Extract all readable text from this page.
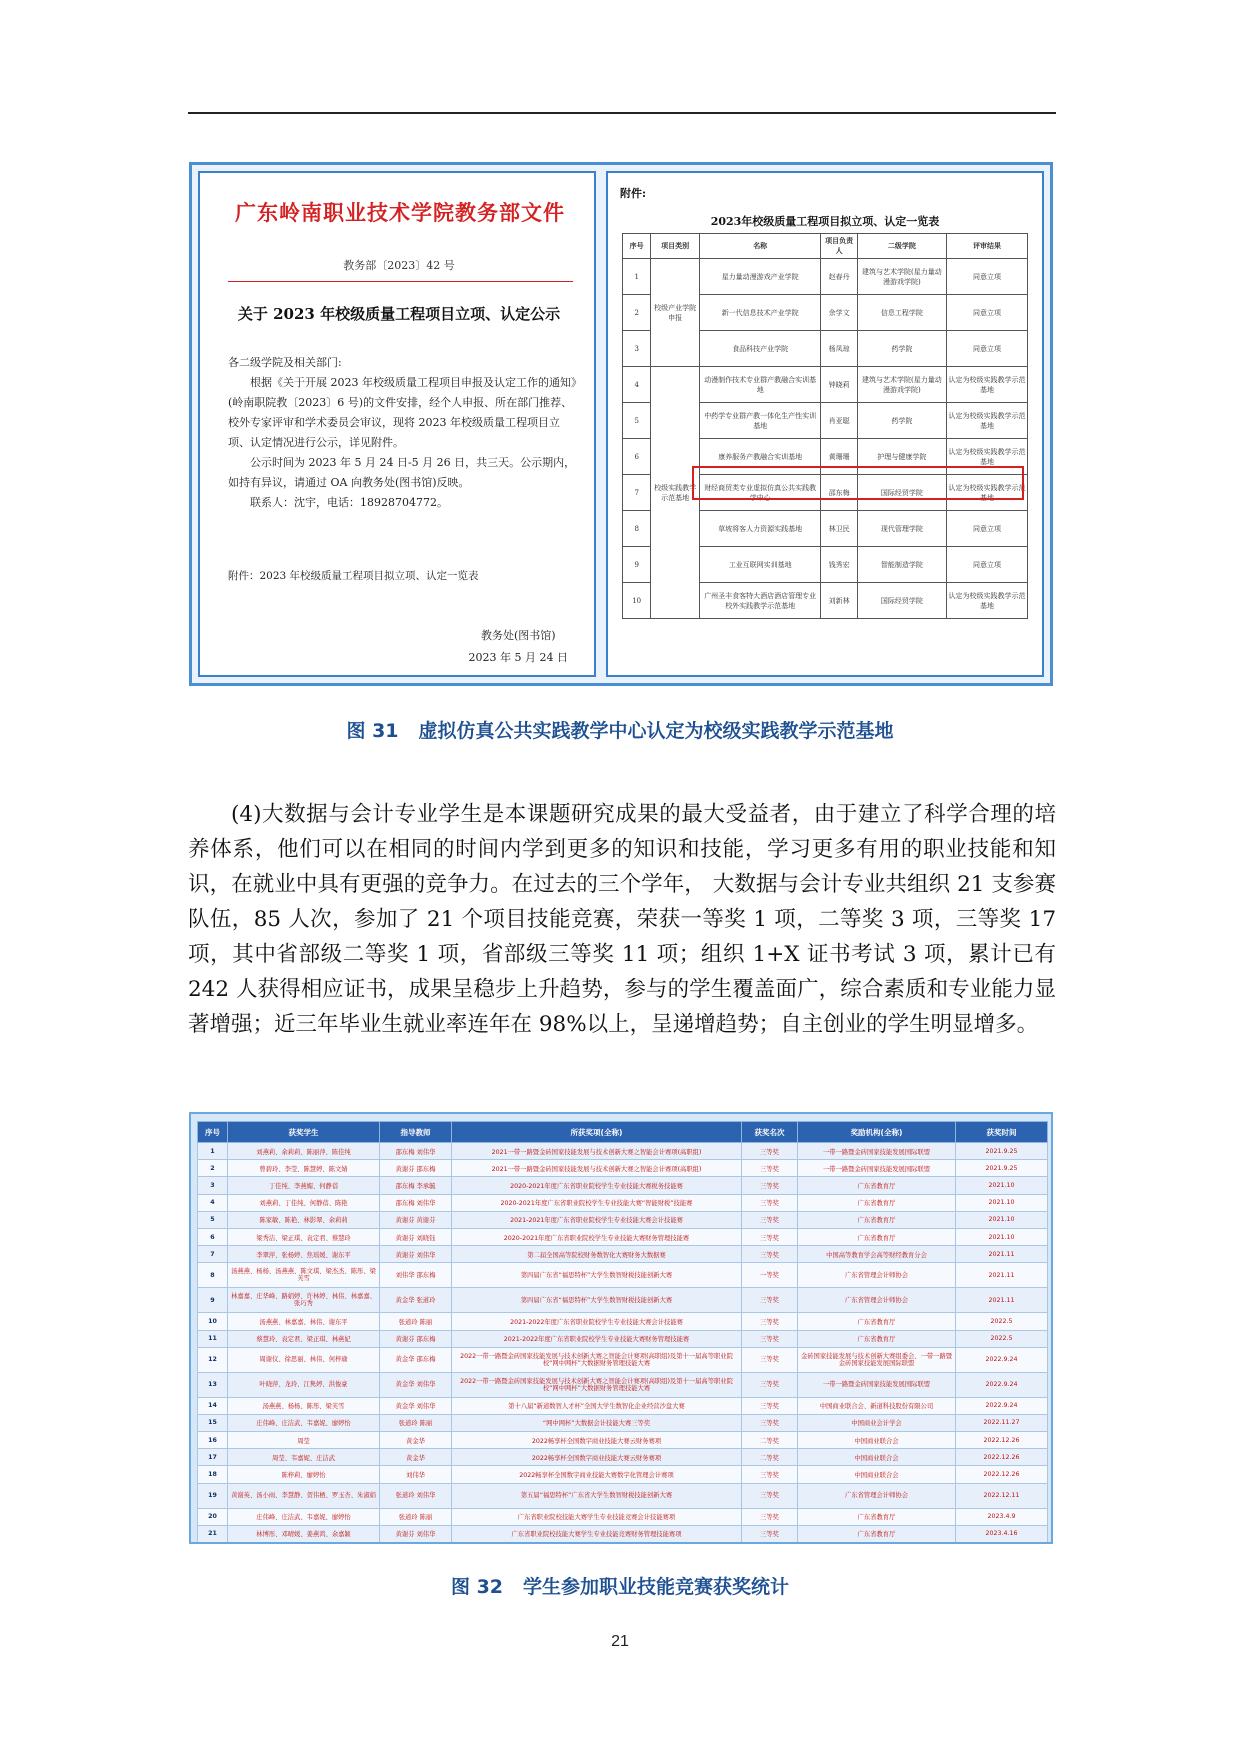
广东岭南职业技术学院教务部文件
教务部〔2023〕42 号
关于 2023 年校级质量工程项目立项、认定公示

各二级学院及相关部门:

根据《关于开展 2023 年校级质量工程项目申报及认定工作的通知》(岭南职院教〔2023〕6 号)的文件安排，经个人申报、所在部门推荐、校外专家评审和学术委员会审议，现将 2023 年校级质量工程项目立项、认定情况进行公示，详见附件。

公示时间为 2023 年 5 月 24 日-5 月 26 日，共三天。公示期内，如持有异议，请通过 OA 向教务处(图书馆)反映。

联系人：沈宇，电话：18928704772。

附件：2023 年校级质量工程项目拟立项、认定一览表
教务处(图书馆)
2023 年 5 月 24 日
附件:
2023年校级质量工程项目拟立项、认定一览表
序号	项目类别	名称	项目负责人	二级学院	评审结果
1	校级产业学院申报	星力量动漫游戏产业学院	赵春丹	建筑与艺术学院(星力量动漫游戏学院)	同意立项
2		新一代信息技术产业学院	余学文	信息工程学院	同意立项
3		食品科技产业学院	杨凤琼	药学院	同意立项
4	校级实践教学示范基地	动漫制作技术专业群产教融合实训基地	钟晓莉	建筑与艺术学院(星力量动漫游戏学院)	认定为校级实践教学示范基地
5		中药学专业群产教一体化生产性实训基地	肖亚聪	药学院	认定为校级实践教学示范基地
6		康养服务产教融合实训基地	黄珊珊	护理与健康学院	认定为校级实践教学示范基地
7		财经商贸类专业虚拟仿真公共实践教学中心	邵东梅	国际经贸学院	认定为校级实践教学示范基地
8		草坡将客人力资源实践基地	林卫民	现代管理学院	同意立项
9		工业互联网实训基地	钱秀宏	智能制造学院	同意立项
10		广州圣丰食客特大酒店酒店管理专业校外实践教学示范基地	刘新林	国际经贸学院	认定为校级实践教学示范基地
图 31 虚拟仿真公共实践教学中心认定为校级实践教学示范基地

(4)大数据与会计专业学生是本课题研究成果的最大受益者，由于建立了科学合理的培养体系，他们可以在相同的时间内学到更多的知识和技能，学习更多有用的职业技能和知识，在就业中具有更强的竞争力。在过去的三个学年， 大数据与会计专业共组织 21 支参赛队伍，85 人次，参加了 21 个项目技能竞赛，荣获一等奖 1 项，二等奖 3 项，三等奖 17 项，其中省部级二等奖 1 项，省部级三等奖 11 项；组织 1+X 证书考试 3 项，累计已有 242 人获得相应证书，成果呈稳步上升趋势，参与的学生覆盖面广，综合素质和专业能力显著增强；近三年毕业生就业率连年在 98%以上，呈递增趋势；自主创业的学生明显增多。

序号	获奖学生	指导教师	所获奖项(全称)	获奖名次	奖励机构(全称)	获奖时间
1	刘燕莉、余莉莉、陈丽萍、陈佳纯	邵东梅 刘伟华	2021一带一路暨金砖国家技能发展与技术创新大赛之智能会计赛项(高职组)	三等奖	一带一路暨金砖国家技能发展国际联盟	2021.9.25
2	曾碧玲、李莹、陈慧婷、陈文婧	黄谢芬 邵东梅	2021一带一路暨金砖国家技能发展与技术创新大赛之智能会计赛项(高职组)	三等奖	一带一路暨金砖国家技能发展国际联盟	2021.9.25
3	丁佳纯、李燕媚、何静蓓	邵东梅 李承毓	2020-2021年度广东省职业院校学生专业技能大赛税务技能赛	三等奖	广东省教育厅	2021.10
4	刘燕莉、丁佳纯、何静蓓、陈艳	邵东梅 刘伟华	2020-2021年度广东省职业院校学生专业技能大赛“智能财税”技能赛	三等奖	广东省教育厅	2021.10
5	陈家敏、陈艳、林影翠、余莉莉	黄谢芬 黄谢芬	2021-2021年度广东省职业院校学生专业技能大赛会计技能赛	三等奖	广东省教育厅	2021.10
6	梁秀洁、梁正琪、袁定君、蔡慧玲	黄谢芬 刘晓钰	2020-2021年度广东省职业院校学生专业技能大赛财务管理技能赛	三等奖	广东省教育厅	2021.10
7	李翠萍、张杨婷、焦瑶媛、谢东平	黄谢芬 刘伟华	第二届全国高等院校财务数智化大赛财务大数据赛	三等奖	中国高等教育学会高等财经教育分会	2021.11
8	汤燕燕、杨杨、汤燕燕、陈文琪、梁杰杰、陈彤、梁芙雪	刘伟华 邵东梅	第四届广东省“福思特杯”大学生数智财税技能创新大赛	一等奖	广东省管理会计师协会	2021.11
9	林嘉嘉、庄华峰、路娟婷、许林婷、林伟、林嘉嘉、张巧秀	黄金华 张道玲	第四届广东省“福思特杯”大学生数智财税技能创新大赛	三等奖	广东省管理会计师协会	2021.11
10	汤燕燕、林嘉嘉、林伟、谢东平	张道玲 陈丽	2021-2022年度广东省职业院校学生专业技能大赛会计技能赛	三等奖	广东省教育厅	2022.5
11	蔡慧玲、袁定君、梁正琪、林燕妃	黄谢芬 邵东梅	2021-2022年度广东省职业院校学生专业技能大赛财务管理技能赛	三等奖	广东省教育厅	2022.5
12	周谢仪、徐思丽、林伟、何梓瑜	黄金华 邵东梅	2022一带一路暨金砖国家技能发展与技术创新大赛之智能会计赛项(高职组)及第十一届高等职业院校“网中网杯”大数据财务管理技能大赛	三等奖	金砖国家技能发展与技术创新大赛组委会、一带一路暨金砖国家技能发展国际联盟	2022.9.24
13	叶晓萍、龙玲、江隽婷、洪俊豪	黄金华 刘伟华	2022一带一路暨金砖国家技能发展与技术创新大赛之智能会计赛项(高职组)及第十一届高等职业院校“网中网杯”大数据财务管理技能大赛	三等奖	一带一路暨金砖国家技能发展国际联盟	2022.9.24
14	汤燕燕、杨杨、陈彤、梁芙雪	黄金华 刘伟华	第十八届“新道数智人才杯”全国大学生数智化企业经营沙盘大赛	三等奖	中国商业联合会、新道科技股份有限公司	2022.9.24
15	庄伟峰、庄洁武、韦嘉妮、廖婷怡	张道玲 陈丽	“网中网杯”大数据会计技能大赛三等奖	三等奖	中国商业会计学会	2022.11.27
16	周莹	黄金华	2022畅享杯全国数字商业技能大赛云财务赛项	二等奖	中国商业联合会	2022.12.26
17	周莹、韦嘉妮、庄洁武	黄金华	2022畅享杯全国数字商业技能大赛云财务赛项	二等奖	中国商业联合会	2022.12.26
18	陈梓莉、廖婷怡	刘伟华	2022畅享杯全国数字商业技能大赛数字化管理会计赛项	三等奖	中国商业联合会	2022.12.26
19	黄谢英、汤小雨、李慧静、贺伟栖、罗玉杏、朱淑娟	张道玲 刘伟华	第五届“福思特杯”广东省大学生数智财税技能创新大赛	三等奖	广东省管理会计师协会	2022.12.11
20	庄伟峰、庄洁武、韦嘉妮、廖婷怡	张道玲 陈丽	广东省职业院校技能大赛学生专业技能竞赛会计技能赛项	三等奖	广东省教育厅	2023.4.9
21	林博彤、邓晴媛、姜燕鸿、余嘉颖	黄谢芬 刘伟华	广东省职业院校技能大赛学生专业技能竞赛财务管理技能赛项	三等奖	广东省教育厅	2023.4.16
图 32 学生参加职业技能竞赛获奖统计
21
